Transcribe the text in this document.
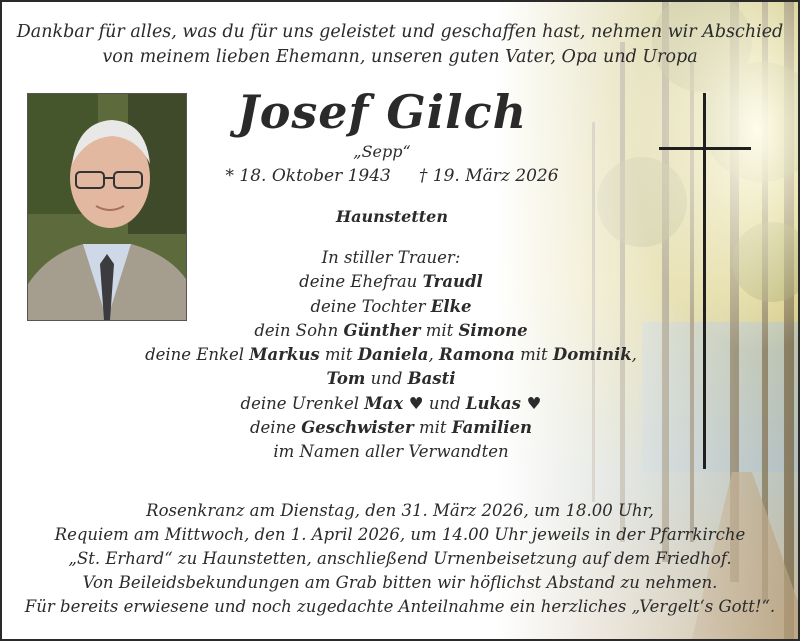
Dankbar für alles, was du für uns geleistet und geschaffen hast, nehmen wir Abschied
von meinem lieben Ehemann, unseren guten Vater, Opa und Uropa
Josef Gilch
„Sepp“
* 18. Oktober 1943 † 19. März 2026
Haunstetten
In stiller Trauer:
deine Ehefrau Traudl
deine Tochter Elke
dein Sohn Günther mit Simone
deine Enkel Markus mit Daniela, Ramona mit Dominik,
Tom und Basti
deine Urenkel Max ♥ und Lukas ♥
deine Geschwister mit Familien
im Namen aller Verwandten
Rosenkranz am Dienstag, den 31. März 2026, um 18.00 Uhr,
Requiem am Mittwoch, den 1. April 2026, um 14.00 Uhr jeweils in der Pfarrkirche
„St. Erhard“ zu Haunstetten, anschließend Urnenbeisetzung auf dem Friedhof.
Von Beileidsbekundungen am Grab bitten wir höflichst Abstand zu nehmen.
Für bereits erwiesene und noch zugedachte Anteilnahme ein herzliches „Vergelt‘s Gott!“.
